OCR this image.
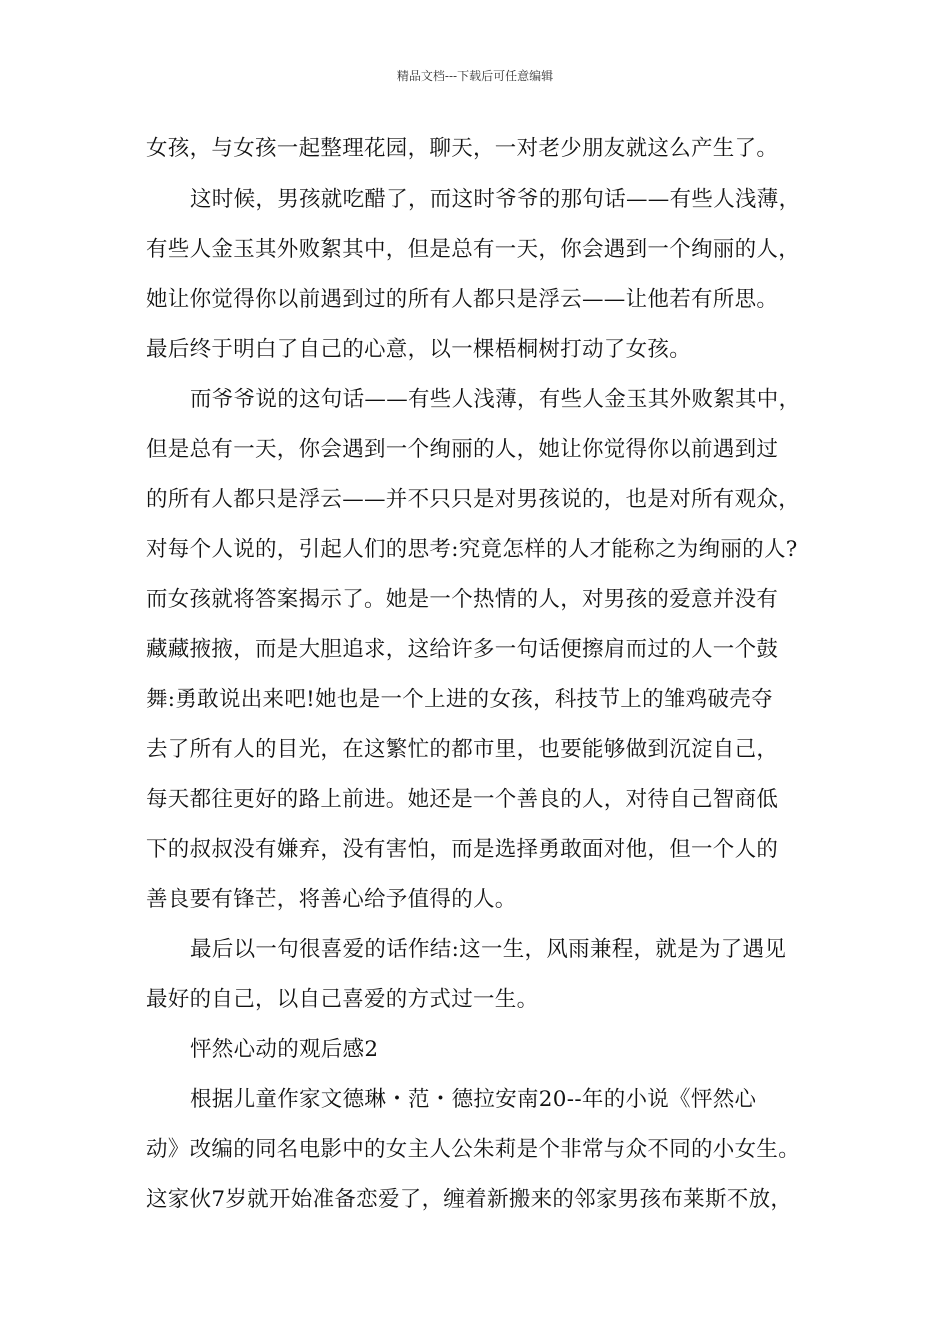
精品文档---下载后可任意编辑

女孩，与女孩一起整理花园，聊天，一对老少朋友就这么产生了。

这时候，男孩就吃醋了，而这时爷爷的那句话——有些人浅薄，

有些人金玉其外败絮其中，但是总有一天，你会遇到一个绚丽的人，

她让你觉得你以前遇到过的所有人都只是浮云——让他若有所思。

最后终于明白了自己的心意，以一棵梧桐树打动了女孩。

而爷爷说的这句话——有些人浅薄，有些人金玉其外败絮其中，

但是总有一天，你会遇到一个绚丽的人，她让你觉得你以前遇到过

的所有人都只是浮云——并不只只是对男孩说的，也是对所有观众，

对每个人说的，引起人们的思考:究竟怎样的人才能称之为绚丽的人?

而女孩就将答案揭示了。她是一个热情的人，对男孩的爱意并没有

藏藏掖掖，而是大胆追求，这给许多一句话便擦肩而过的人一个鼓

舞:勇敢说出来吧!她也是一个上进的女孩，科技节上的雏鸡破壳夺

去了所有人的目光，在这繁忙的都市里，也要能够做到沉淀自己，

每天都往更好的路上前进。她还是一个善良的人，对待自己智商低

下的叔叔没有嫌弃，没有害怕，而是选择勇敢面对他，但一个人的

善良要有锋芒，将善心给予值得的人。

最后以一句很喜爱的话作结:这一生，风雨兼程，就是为了遇见

最好的自己，以自己喜爱的方式过一生。

怦然心动的观后感2

根据儿童作家文德琳・范・德拉安南20--年的小说《怦然心

动》改编的同名电影中的女主人公朱莉是个非常与众不同的小女生。

这家伙7岁就开始准备恋爱了，缠着新搬来的邻家男孩布莱斯不放，
